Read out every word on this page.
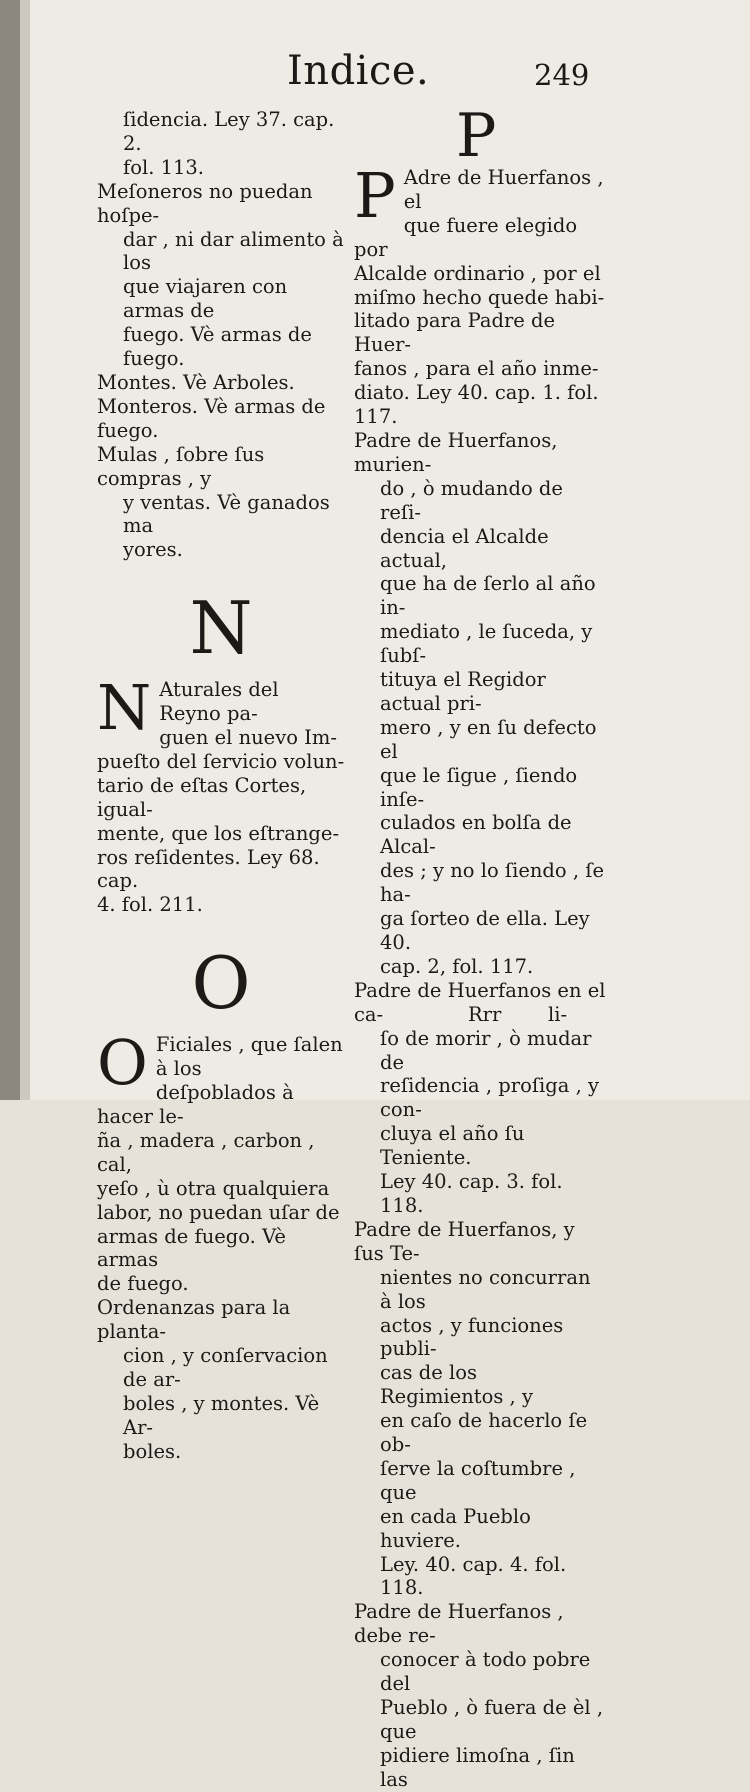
Indice.	249
ſidencia. Ley 37. cap. 2.
fol. 113.
Meſoneros no puedan hoſpe-
dar , ni dar alimento à los
que viajaren con armas de
fuego. Vè armas de fuego.
Montes. Vè Arboles.
Monteros. Vè armas de fuego.
Mulas , ſobre ſus compras , y
y ventas. Vè ganados ma
yores.
N
N Aturales del Reyno pa-
guen el nuevo Im-
pueſto del ſervicio volun-
tario de eſtas Cortes, igual-
mente, que los eſtrange-
ros reſidentes. Ley 68. cap.
4. fol. 211.
O
O Ficiales , que ſalen à los
deſpoblados à hacer le-
ña , madera , carbon , cal,
yeſo , ù otra qualquiera
labor, no puedan uſar de
armas de fuego. Vè armas
de fuego.
Ordenanzas para la planta-
cion , y conſervacion de ar-
boles , y montes. Vè Ar-
boles.
P
P Adre de Huerfanos , el
que fuere elegido por
Alcalde ordinario , por el
miſmo hecho quede habi-
litado para Padre de Huer-
fanos , para el año inme-
diato. Ley 40. cap. 1. fol.
117.
Padre de Huerfanos, murien-
do , ò mudando de reſi-
dencia el Alcalde actual,
que ha de ſerlo al año in-
mediato , le ſuceda, y ſubſ-
tituya el Regidor actual pri-
mero , y en ſu defecto el
que le ſigue , ſiendo inſe-
culados en bolſa de Alcal-
des ; y no lo ſiendo , ſe ha-
ga ſorteo de ella. Ley 40.
cap. 2, fol. 117.
Padre de Huerfanos en el ca-
ſo de morir , ò mudar de
reſidencia , proſiga , y con-
cluya el año ſu Teniente.
Ley 40. cap. 3. fol. 118.
Padre de Huerfanos, y ſus Te-
nientes no concurran à los
actos , y funciones publi-
cas de los Regimientos , y
en caſo de hacerlo ſe ob-
ſerve la coſtumbre , que
en cada Pueblo huviere.
Ley. 40. cap. 4. fol. 118.
Padre de Huerfanos , debe re-
conocer à todo pobre del
Pueblo , ò fuera de èl , que
pidiere limoſna , ſin las
Rrr li-
